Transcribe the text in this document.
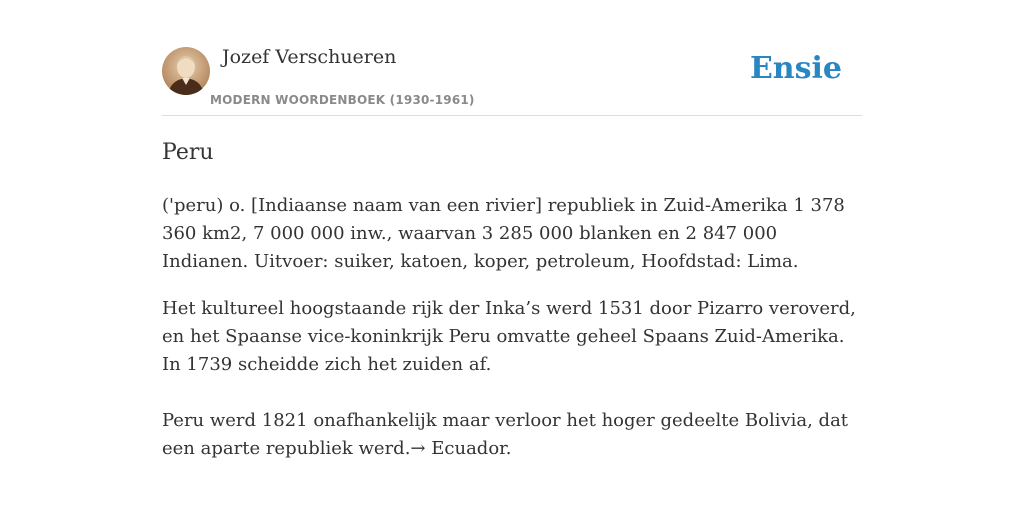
Jozef Verschueren
MODERN WOORDENBOEK (1930-1961)
Ensie
Peru

('peru) o. [Indiaanse naam van een rivier] republiek in Zuid-Amerika 1 378 360 km2, 7 000 000 inw., waarvan 3 285 000 blanken en 2 847 000 Indianen. Uitvoer: suiker, katoen, koper, petroleum, Hoofdstad: Lima.

Het kultureel hoogstaande rijk der Inka’s werd 1531 door Pizarro veroverd, en het Spaanse vice-koninkrijk Peru omvatte geheel Spaans Zuid-Amerika. In 1739 scheidde zich het zuiden af.

Peru werd 1821 onafhankelijk maar verloor het hoger gedeelte Bolivia, dat een aparte republiek werd.→ Ecuador.
